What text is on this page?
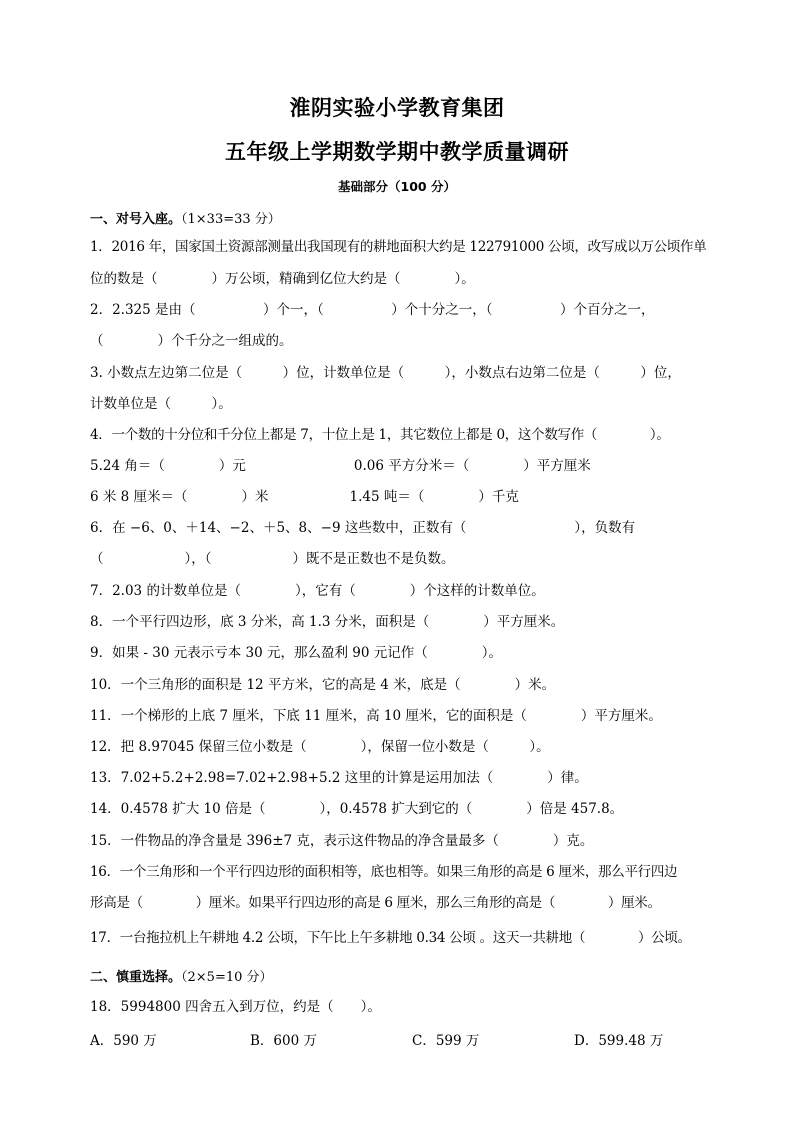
淮阴实验小学教育集团
五年级上学期数学期中教学质量调研
基础部分（100 分）
一、对号入座。（1×33=33 分）
1．2016 年，国家国土资源部测量出我国现有的耕地面积大约是 122791000 公顷，改写成以万公顷作单
位的数是（　　　　）万公顷，精确到亿位大约是（　　　　）。
2．2.325 是由（　　　　　）个一，（　　　　　）个十分之一，（　　　　　）个百分之一，
（　　　　）个千分之一组成的。
3. 小数点左边第二位是（　　　）位，计数单位是（　　　），小数点右边第二位是（　　　）位，
计数单位是（　　　）。
4．一个数的十分位和千分位上都是 7，十位上是 1，其它数位上都是 0，这个数写作（　　　　）。
5.24 角＝（　　　　）元　　　　　　　　0.06 平方分米＝（　　　　）平方厘米
6 米 8 厘米＝（　　　　）米　　　　　　1.45 吨＝（　　　　）千克
6．在 −6、0、＋14、−2、＋5、8、−9 这些数中，正数有（　　　　　　　　），负数有
（　　　　　　），（　　　　　　）既不是正数也不是负数。
7．2.03 的计数单位是（　　　　），它有（　　　　）个这样的计数单位。
8．一个平行四边形，底 3 分米，高 1.3 分米，面积是（　　　　）平方厘米。
9．如果 - 30 元表示亏本 30 元，那么盈利 90 元记作（　　　　）。
10．一个三角形的面积是 12 平方米，它的高是 4 米，底是（　　　　）米。
11．一个梯形的上底 7 厘米，下底 11 厘米，高 10 厘米，它的面积是（　　　　）平方厘米。
12．把 8.97045 保留三位小数是（　　　　），保留一位小数是（　　　）。
13．7.02+5.2+2.98=7.02+2.98+5.2 这里的计算是运用加法（　　　　）律。
14．0.4578 扩大 10 倍是（　　　　），0.4578 扩大到它的（　　　　）倍是 457.8。
15．一件物品的净含量是 396±7 克，表示这件物品的净含量最多（　　　　）克。
16．一个三角形和一个平行四边形的面积相等，底也相等。如果三角形的高是 6 厘米，那么平行四边
形高是（　　　　）厘米。如果平行四边形的高是 6 厘米，那么三角形的高是（　　　　）厘米。
17．一台拖拉机上午耕地 4.2 公顷，下午比上午多耕地 0.34 公顷 。这天一共耕地（　　　　）公顷。
二、慎重选择。（2×5=10 分）
18．5994800 四舍五入到万位，约是（　　）。
A．590 万	B．600 万	C．599 万	D．599.48 万
